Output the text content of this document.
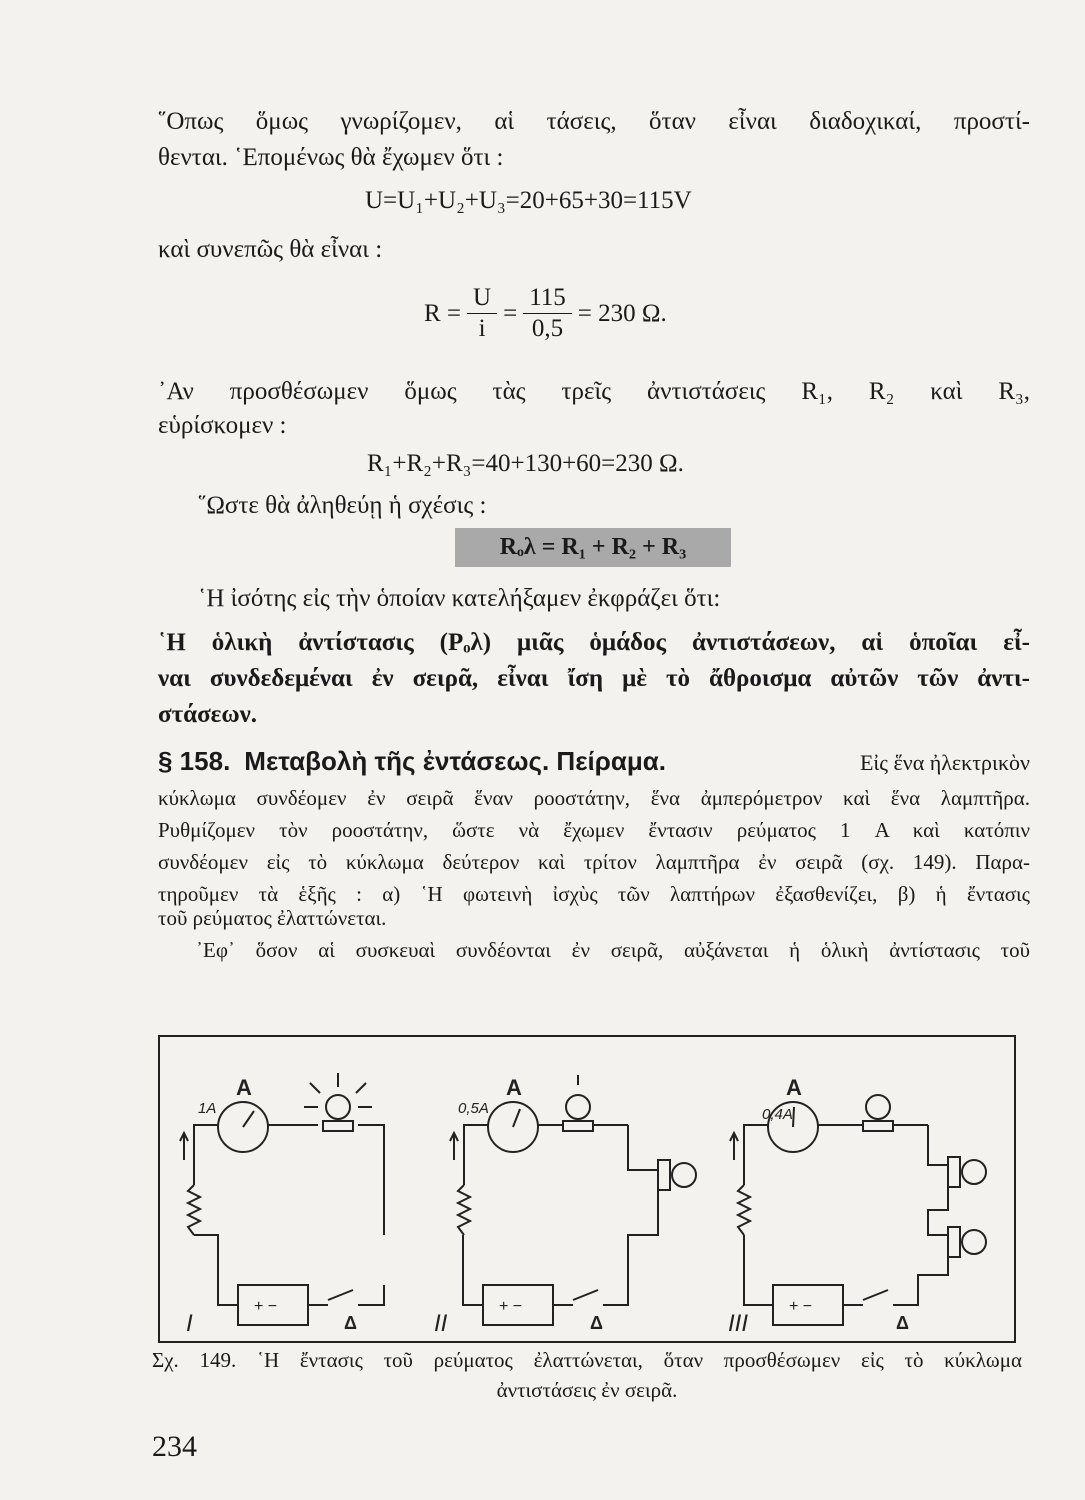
῞Οπως ὅμως γνωρίζομεν, αἱ τάσεις, ὅταν εἶναι διαδοχικαί, προστί-
θενται. ῾Επομένως θὰ ἔχωμεν ὅτι :
U=U₁+U₂+U₃=20+65+30=115V
καὶ συνεπῶς θὰ εἶναι :
$R = \frac{U}{i} = \frac{115}{0,5} = 230$ Ω.
᾿Αν προσθέσωμεν ὅμως τὰς τρεῖς ἀντιστάσεις R₁, R₂ καὶ R₃,
εὑρίσκομεν :
R₁+R₂+R₃=40+130+60=230 Ω.
῞Ωστε θὰ ἀληθεύῃ ἡ σχέσις :
Rₒλ = R₁ + R₂ + R₃
῾Η ἰσότης εἰς τὴν ὁποίαν κατελήξαμεν ἐκφράζει ὅτι:
῾Η ὁλικὴ ἀντίστασις (Pₒλ) μιᾶς ὁμάδος ἀντιστάσεων, αἱ ὁποῖαι εἶ-
ναι συνδεδεμέναι ἐν σειρᾶ, εἶναι ἴση μὲ τὸ ἄθροισμα αὐτῶν τῶν ἀντι-
στάσεων.
§ 158. Μεταβολὴ τῆς ἐντάσεως. Πείραμα.	Εἰς ἕνα ἠλεκτρικὸν
κύκλωμα συνδέομεν ἐν σειρᾶ ἕναν ροοστάτην, ἕνα ἀμπερόμετρον καὶ ἕνα λαμπτῆρα.
Ρυθμίζομεν τὸν ροοστάτην, ὥστε νὰ ἔχωμεν ἔντασιν ρεύματος 1 A καὶ κατόπιν
συνδέομεν εἰς τὸ κύκλωμα δεύτερον καὶ τρίτον λαμπτῆρα ἐν σειρᾶ (σχ. 149). Παρα-
τηροῦμεν τὰ ἑξῆς : α) ῾Η φωτεινὴ ἰσχὺς τῶν λαπτήρων ἐξασθενίζει, β) ἡ ἔντασις
τοῦ ρεύματος ἐλαττώνεται.
᾿Εφ᾿ ὅσον αἱ συσκευαὶ συνδέονται ἐν σειρᾶ, αὐξάνεται ἡ ὁλικὴ ἀντίστασις τοῦ
1A
A
+ −
Δ
I
0,5A
A
+ −
Δ
II
0,4A
A
+ −
Δ
III
Σχ. 149. ῾Η ἔντασις τοῦ ρεύματος ἐλαττώνεται, ὅταν προσθέσωμεν εἰς τὸ κύκλωμα
ἀντιστάσεις ἐν σειρᾶ.
234
